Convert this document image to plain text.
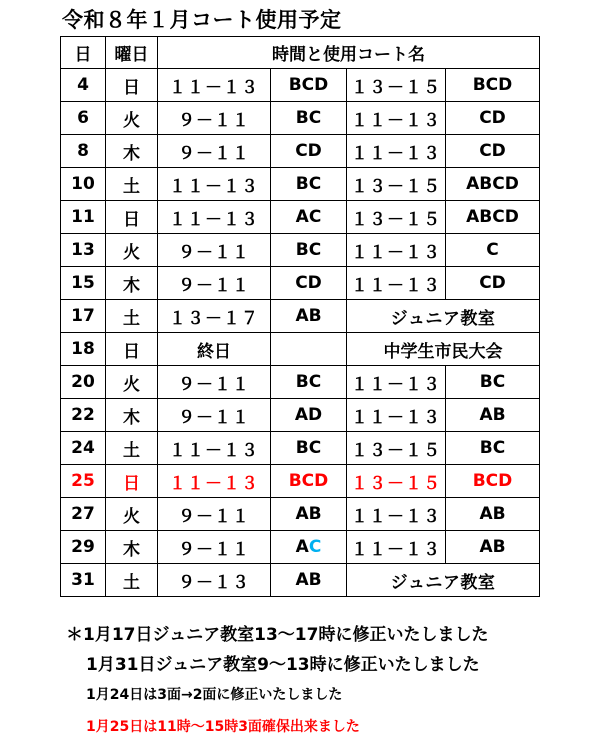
令和８年１月コート使用予定
日	曜日	時間と使用コート名			
4	日	１１－１３	BCD	１３－１５	BCD
6	火	９－１１	BC	１１－１３	CD
8	木	９－１１	CD	１１－１３	CD
10	土	１１－１３	BC	１３－１５	ABCD
11	日	１１－１３	AC	１３－１５	ABCD
13	火	９－１１	BC	１１－１３	C
15	木	９－１１	CD	１１－１３	CD
17	土	１３－１７	AB	ジュニア教室	
18	日	終日		中学生市民大会	
20	火	９－１１	BC	１１－１３	BC
22	木	９－１１	AD	１１－１３	AB
24	土	１１－１３	BC	１３－１５	BC
25	日	１１－１３	BCD	１３－１５	BCD
27	火	９－１１	AB	１１－１３	AB
29	木	９－１１	AC	１１－１３	AB
31	土	９－１３	AB	ジュニア教室	
＊1月17日ジュニア教室13～17時に修正いたしました
1月31日ジュニア教室9～13時に修正いたしました
1月24日は3面→2面に修正いたしました
1月25日は11時～15時3面確保出来ました
